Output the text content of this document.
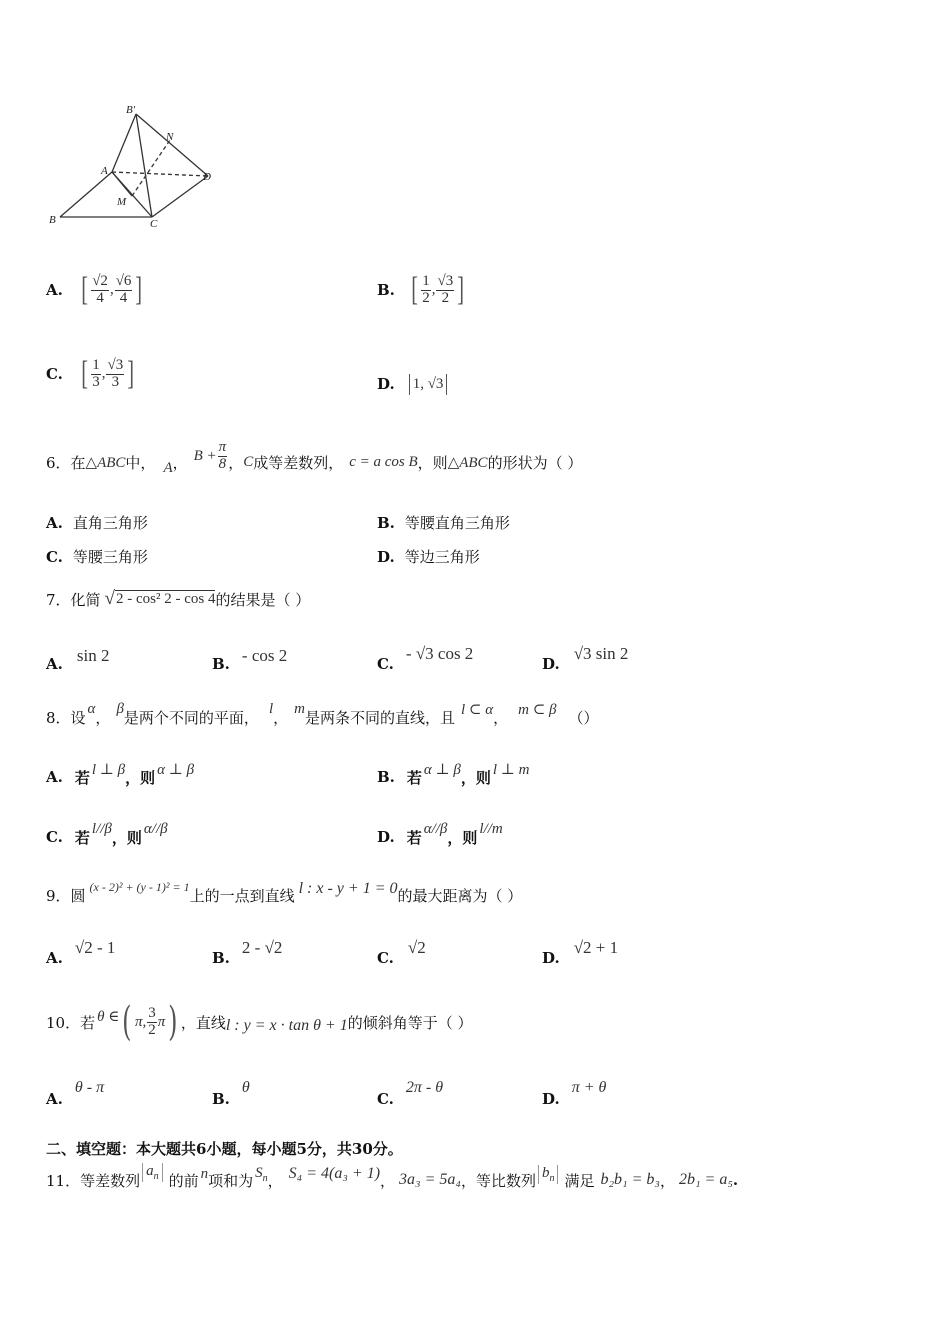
B′
N
A	D
M
B	C
A. [ $\frac{√2}{4}$ , $\frac{√6}{4}$ ]	B. [ $\frac{1}{2}$ , $\frac{√3}{2}$ ]
C. [ $\frac{1}{3}$ , $\frac{√3}{3}$ ]	D. 1, √3
6．在 △ABC 中， A ， $B + \frac{\pi}{8}$ ， C 成等差数列， c = a cos B ，则 △ABC 的形状为（ ）
A. 直角三角形	B. 等腰直角三角形
C. 等腰三角形	D. 等边三角形
7．化简 √ 2 - cos² 2 - cos 4 的结果是（ ）
A. sin 2	B. - cos 2	C.- √3 cos 2
D.√3 sin 2
8．设 α ， β 是两个不同的平面， l ， m 是两条不同的直线，且 l ⊂ α ， m ⊂ β （）
A. 若 l ⊥ β ，则 α ⊥ β	B. 若 α ⊥ β ，则 l ⊥ m
C. 若 l//β ，则 α//β	D. 若 α//β ，则 l//m
9．圆 (x - 2)² + (y - 1)² = 1 上的一点到直线 l : x - y + 1 = 0 的最大距离为（ ）
A.√2 - 1
B.2 - √2
C.√2
D.√2 + 1
10．若 θ ∈ ( π, $\frac{3}{2}$ π ) ，直线 l : y = x · tan θ + 1 的倾斜角等于（ ）
A.θ - π
B.θ
C.2π - θ
D.π + θ
二、填空题：本大题共6小题，每小题5分，共30分。
11．等差数列
$a_n$ 的前 n 项和为 $S_n$ ， S₄ = 4(a₃ + 1) ， 3a₃ = 5a₄ ，等比数列 $b_n$ 满足 b₂b₁ = b₃ ， 2b₁ = a₅ .
